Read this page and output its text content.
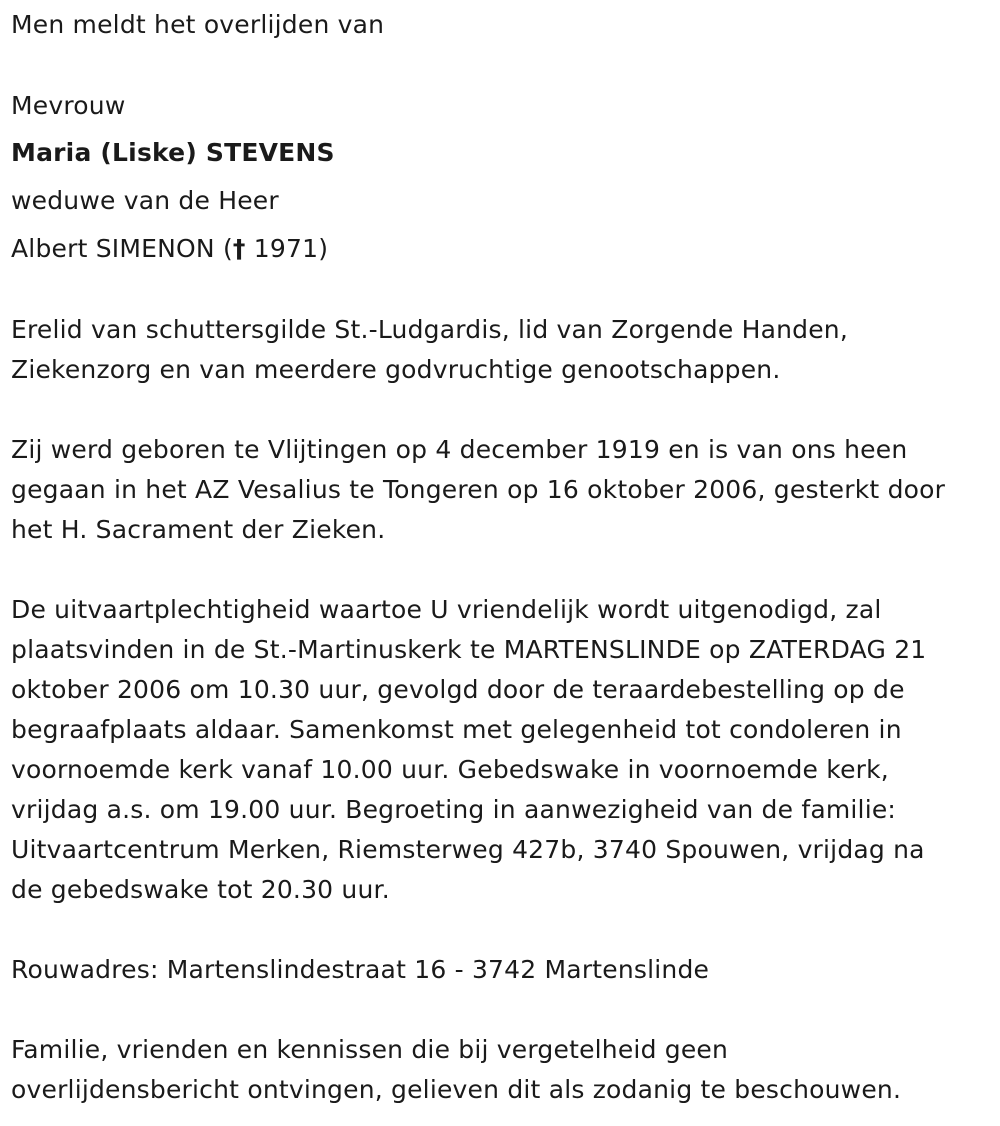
Men meldt het overlijden van
Mevrouw
Maria (Liske) STEVENS
weduwe van de Heer
Albert SIMENON († 1971)
Erelid van schuttersgilde St.-Ludgardis, lid van Zorgende Handen,
Ziekenzorg en van meerdere godvruchtige genootschappen.
Zij werd geboren te Vlijtingen op 4 december 1919 en is van ons heen
gegaan in het AZ Vesalius te Tongeren op 16 oktober 2006, gesterkt door
het H. Sacrament der Zieken.
De uitvaartplechtigheid waartoe U vriendelijk wordt uitgenodigd, zal
plaatsvinden in de St.-Martinuskerk te MARTENSLINDE op ZATERDAG 21
oktober 2006 om 10.30 uur, gevolgd door de teraardebestelling op de
begraafplaats aldaar. Samenkomst met gelegenheid tot condoleren in
voornoemde kerk vanaf 10.00 uur. Gebedswake in voornoemde kerk,
vrijdag a.s. om 19.00 uur. Begroeting in aanwezigheid van de familie:
Uitvaartcentrum Merken, Riemsterweg 427b, 3740 Spouwen, vrijdag na
de gebedswake tot 20.30 uur.
Rouwadres: Martenslindestraat 16 - 3742 Martenslinde
Familie, vrienden en kennissen die bij vergetelheid geen
overlijdensbericht ontvingen, gelieven dit als zodanig te beschouwen.
